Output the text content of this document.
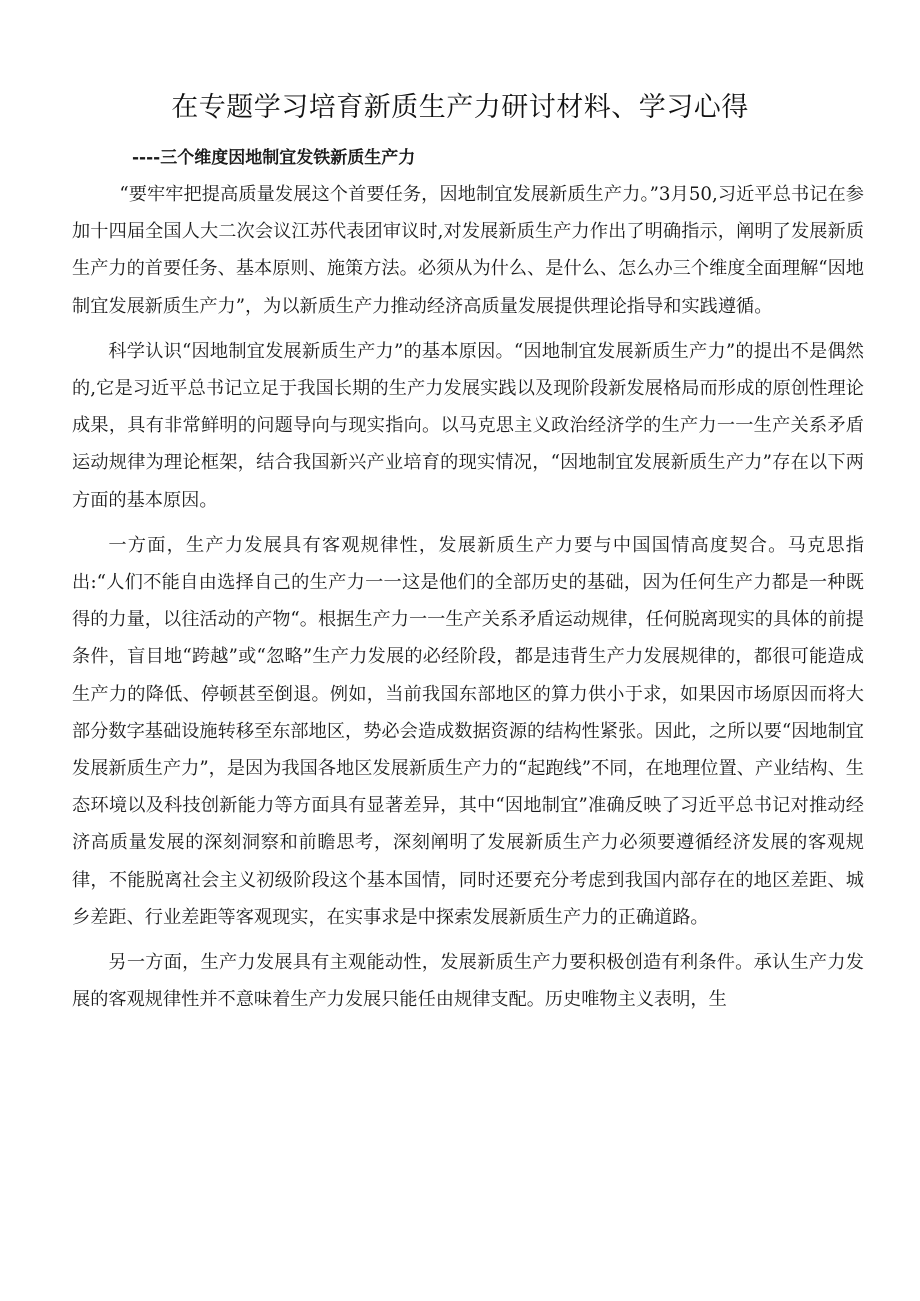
在专题学习培育新质生产力研讨材料、学习心得
----三个维度因地制宜发铁新质生产力

“要牢牢把提高质量发展这个首要任务，因地制宜发展新质生产力。”3月50,习近平总书记在参加十四届全国人大二次会议江苏代表团审议时,对发展新质生产力作出了明确指示，阐明了发展新质生产力的首要任务、基本原则、施策方法。必须从为什么、是什么、怎么办三个维度全面理解“因地制宜发展新质生产力”，为以新质生产力推动经济高质量发展提供理论指导和实践遵循。

科学认识“因地制宜发展新质生产力”的基本原因。“因地制宜发展新质生产力”的提出不是偶然的,它是习近平总书记立足于我国长期的生产力发展实践以及现阶段新发展格局而形成的原创性理论成果，具有非常鲜明的问题导向与现实指向。以马克思主义政治经济学的生产力一一生产关系矛盾运动规律为理论框架，结合我国新兴产业培育的现实情况，“因地制宜发展新质生产力”存在以下两方面的基本原因。

一方面，生产力发展具有客观规律性，发展新质生产力要与中国国情高度契合。马克思指出:“人们不能自由选择自己的生产力一一这是他们的全部历史的基础，因为任何生产力都是一种既得的力量，以往活动的产物“。根据生产力一一生产关系矛盾运动规律，任何脱离现实的具体的前提条件，盲目地“跨越”或“忽略”生产力发展的必经阶段，都是违背生产力发展规律的，都很可能造成生产力的降低、停顿甚至倒退。例如，当前我国东部地区的算力供小于求，如果因市场原因而将大部分数字基础设施转移至东部地区，势必会造成数据资源的结构性紧张。因此，之所以要“因地制宜发展新质生产力”，是因为我国各地区发展新质生产力的“起跑线”不同，在地理位置、产业结构、生态环境以及科技创新能力等方面具有显著差异，其中“因地制宜”准确反映了习近平总书记对推动经济高质量发展的深刻洞察和前瞻思考，深刻阐明了发展新质生产力必须要遵循经济发展的客观规律，不能脱离社会主义初级阶段这个基本国情，同时还要充分考虑到我国内部存在的地区差距、城乡差距、行业差距等客观现实，在实事求是中探索发展新质生产力的正确道路。

另一方面，生产力发展具有主观能动性，发展新质生产力要积极创造有利条件。承认生产力发展的客观规律性并不意味着生产力发展只能任由规律支配。历史唯物主义表明，生
